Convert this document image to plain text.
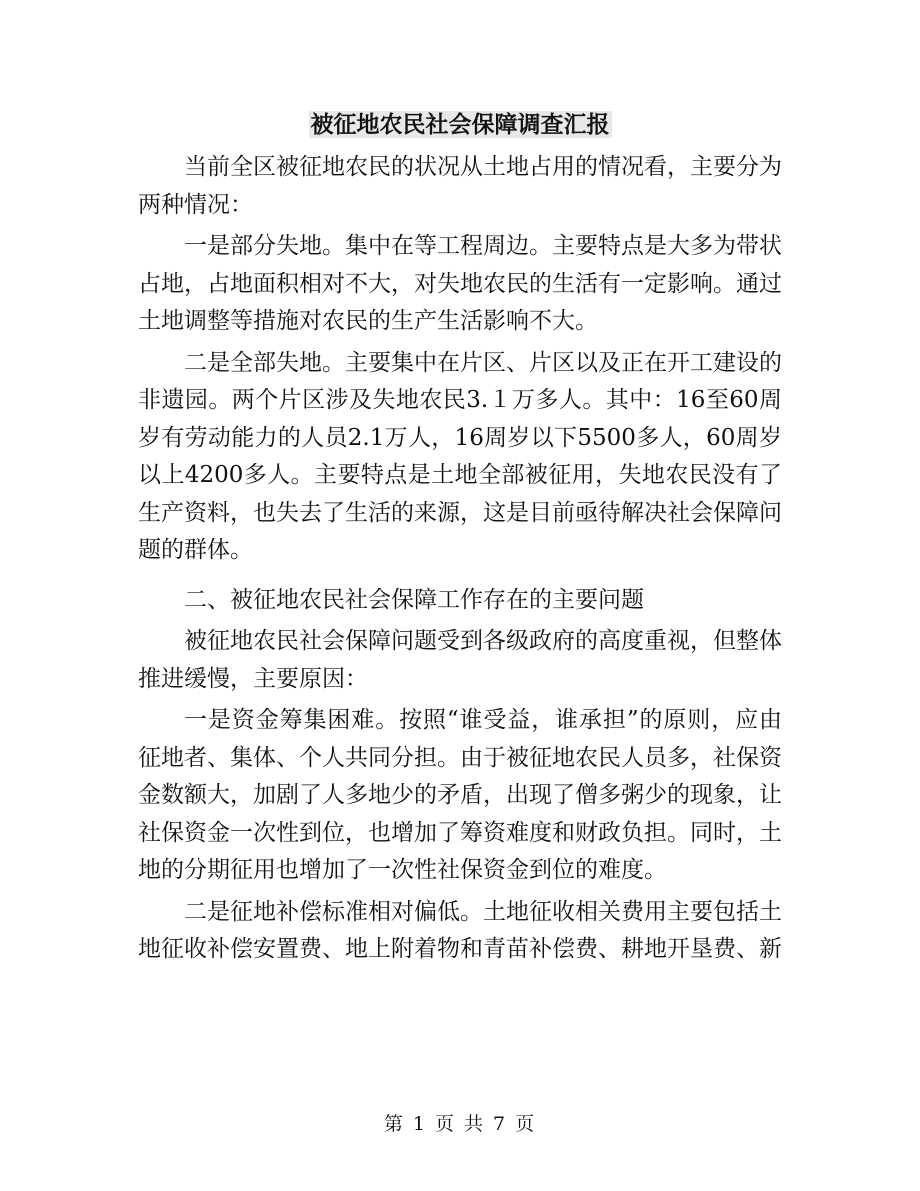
被征地农民社会保障调查汇报

当前全区被征地农民的状况从土地占用的情况看，主要分为两种情况：

一是部分失地。集中在等工程周边。主要特点是大多为带状占地，占地面积相对不大，对失地农民的生活有一定影响。通过土地调整等措施对农民的生产生活影响不大。

二是全部失地。主要集中在片区、片区以及正在开工建设的非遗园。两个片区涉及失地农民3.１万多人。其中：16至60周岁有劳动能力的人员2.1万人，16周岁以下5500多人，60周岁以上4200多人。主要特点是土地全部被征用，失地农民没有了生产资料，也失去了生活的来源，这是目前亟待解决社会保障问题的群体。

二、被征地农民社会保障工作存在的主要问题

被征地农民社会保障问题受到各级政府的高度重视，但整体推进缓慢，主要原因：

一是资金筹集困难。按照“谁受益，谁承担”的原则，应由征地者、集体、个人共同分担。由于被征地农民人员多，社保资金数额大，加剧了人多地少的矛盾，出现了僧多粥少的现象，让社保资金一次性到位，也增加了筹资难度和财政负担。同时，土地的分期征用也增加了一次性社保资金到位的难度。

二是征地补偿标准相对偏低。土地征收相关费用主要包括土地征收补偿安置费、地上附着物和青苗补偿费、耕地开垦费、新

第 1 页 共 7 页
